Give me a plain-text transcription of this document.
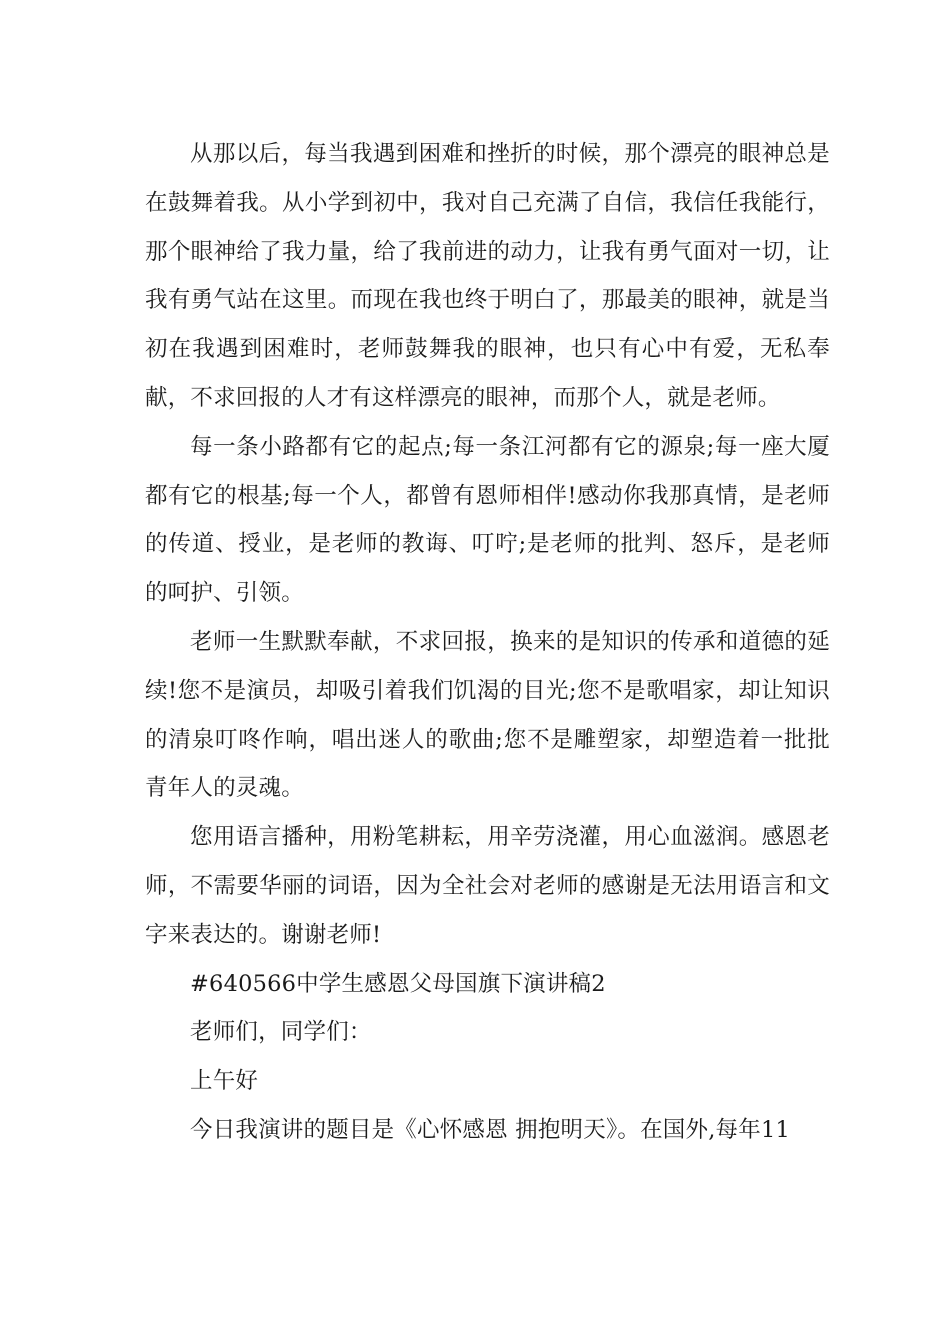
从那以后，每当我遇到困难和挫折的时候，那个漂亮的眼神总是在鼓舞着我。从小学到初中，我对自己充满了自信，我信任我能行，那个眼神给了我力量，给了我前进的动力，让我有勇气面对一切，让我有勇气站在这里。而现在我也终于明白了，那最美的眼神，就是当初在我遇到困难时，老师鼓舞我的眼神，也只有心中有爱，无私奉献，不求回报的人才有这样漂亮的眼神，而那个人，就是老师。

每一条小路都有它的起点;每一条江河都有它的源泉;每一座大厦都有它的根基;每一个人，都曾有恩师相伴!感动你我那真情，是老师的传道、授业，是老师的教诲、叮咛;是老师的批判、怒斥，是老师的呵护、引领。

老师一生默默奉献，不求回报，换来的是知识的传承和道德的延续!您不是演员，却吸引着我们饥渴的目光;您不是歌唱家，却让知识的清泉叮咚作响，唱出迷人的歌曲;您不是雕塑家，却塑造着一批批青年人的灵魂。

您用语言播种，用粉笔耕耘，用辛劳浇灌，用心血滋润。感恩老师，不需要华丽的词语，因为全社会对老师的感谢是无法用语言和文字来表达的。谢谢老师!

#640566中学生感恩父母国旗下演讲稿2

老师们，同学们：

上午好

今日我演讲的题目是《心怀感恩 拥抱明天》。在国外,每年11
